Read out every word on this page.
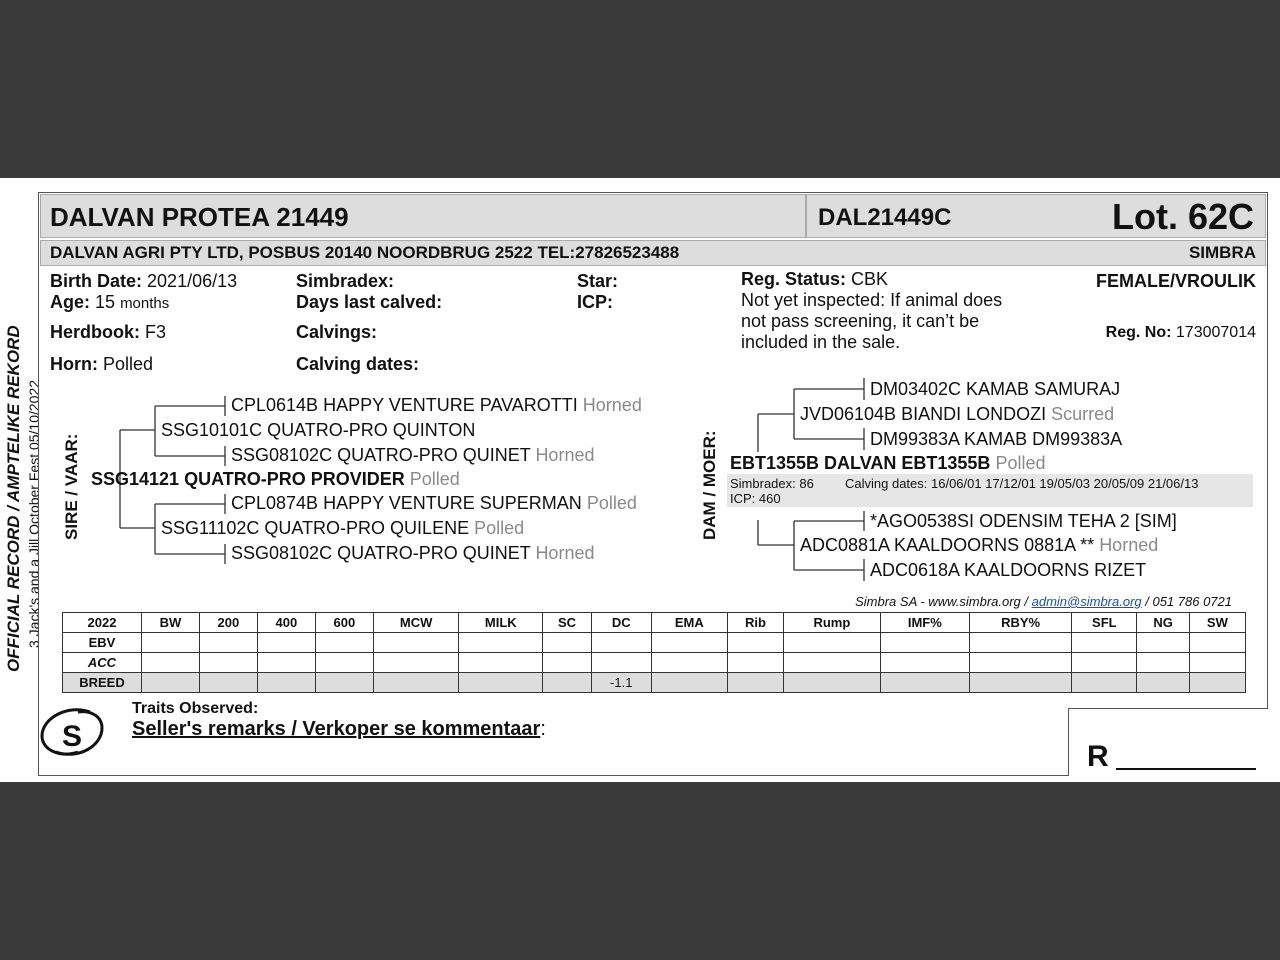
OFFICIAL RECORD / AMPTELIKE REKORD 3 Jack's and a Jill October Fest 05/10/2022
DALVAN PROTEA 21449	DAL21449C	Lot. 62C
DALVAN AGRI PTY LTD, POSBUS 20140 NOORDBRUG 2522 TEL:27826523488	SIMBRA
Birth Date: 2021/06/13
Age: 15 months
Herdbook: F3
Horn: Polled
Simbradex:
Days last calved:
Calvings:
Calving dates:
Star:
ICP:
Reg. Status: CBK
Not yet inspected: If animal does
not pass screening, it can’t be
included in the sale.
FEMALE/VROULIK
Reg. No: 173007014
SIRE / VAAR:
CPL0614B HAPPY VENTURE PAVAROTTI Horned
SSG10101C QUATRO-PRO QUINTON
SSG08102C QUATRO-PRO QUINET Horned
SSG14121 QUATRO-PRO PROVIDER Polled
CPL0874B HAPPY VENTURE SUPERMAN Polled
SSG11102C QUATRO-PRO QUILENE Polled
SSG08102C QUATRO-PRO QUINET Horned
DAM / MOER:
DM03402C KAMAB SAMURAJ
JVD06104B BIANDI LONDOZI Scurred
DM99383A KAMAB DM99383A
EBT1355B DALVAN EBT1355B Polled
Simbradex: 86 Calving dates: 16/06/01 17/12/01 19/05/03 20/05/09 21/06/13
ICP: 460
*AGO0538SI ODENSIM TEHA 2 [SIM]
ADC0881A KAALDOORNS 0881A ** Horned
ADC0618A KAALDOORNS RIZET
Simbra SA - www.simbra.org / admin@simbra.org / 051 786 0721
2022	BW	200	400	600	MCW	MILK	SC	DC	EMA	Rib	Rump	IMF%	RBY%	SFL	NG	SW
EBV																
ACC																
BREED								-1.1								
S
Traits Observed:
Seller's remarks / Verkoper se kommentaar:
R
